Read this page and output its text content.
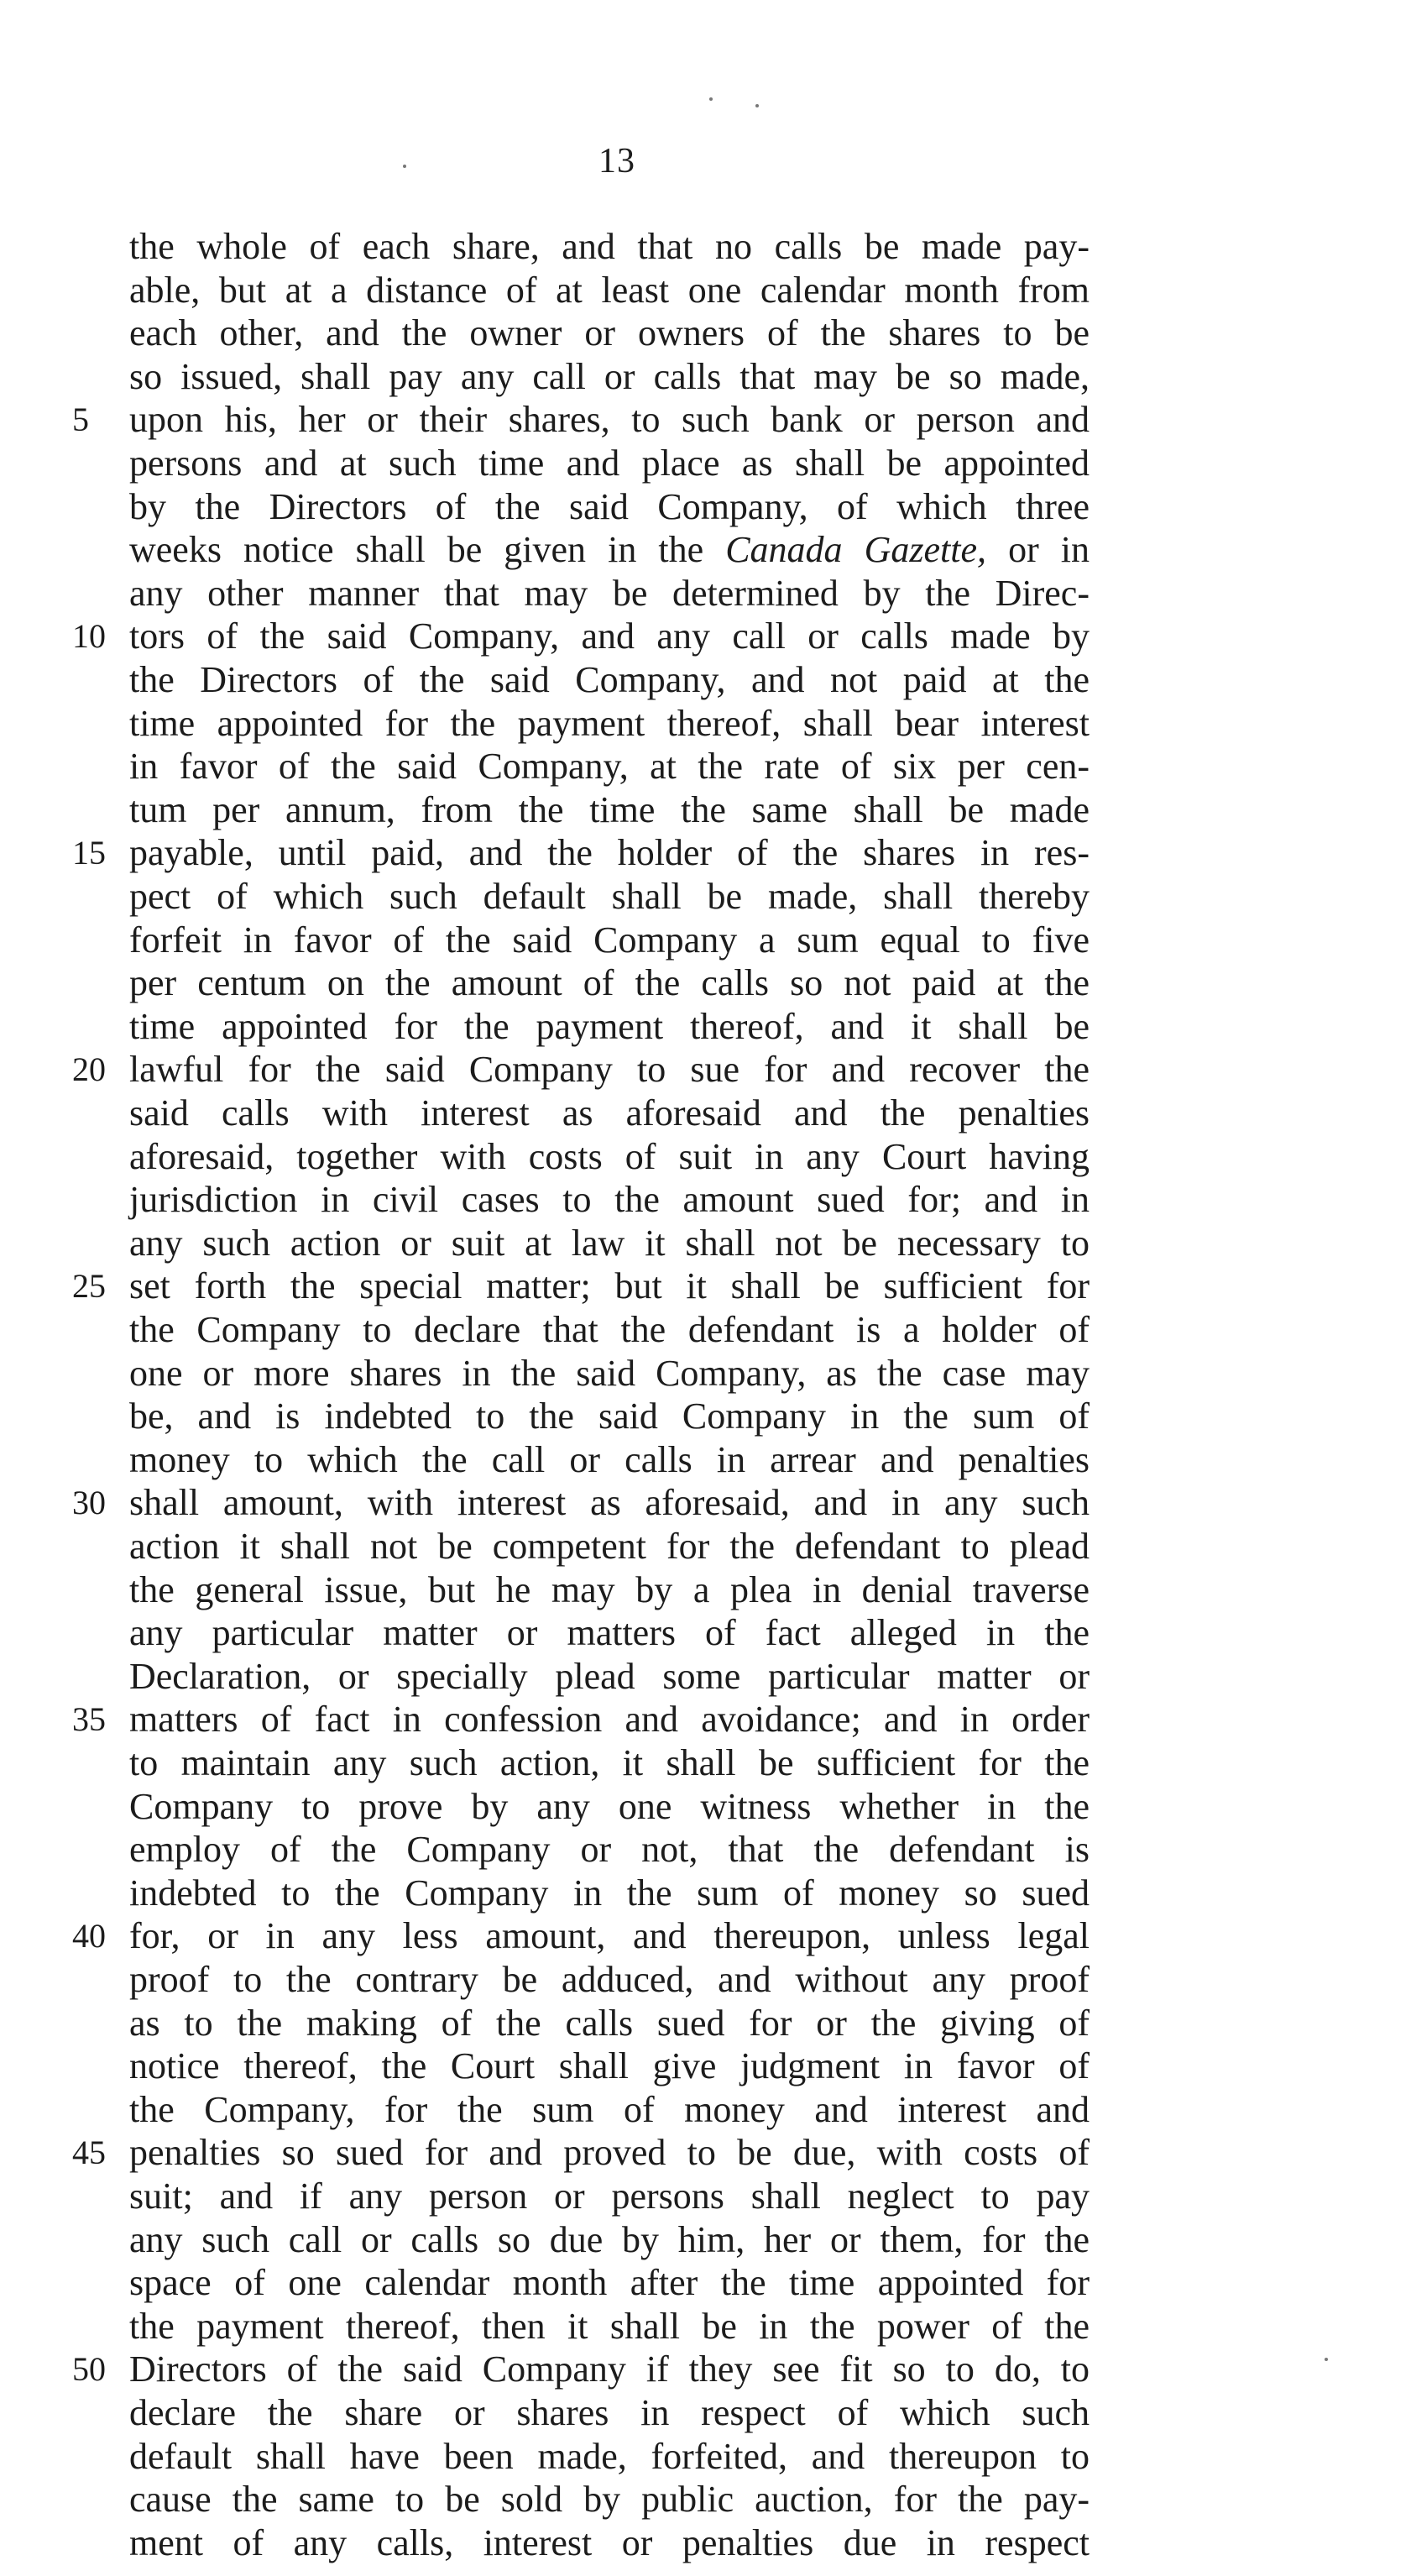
13
the whole of each share, and that no calls be made pay-
able, but at a distance of at least one calendar month from
each other, and the owner or owners of the shares to be
so issued, shall pay any call or calls that may be so made,
5	upon his, her or their shares, to such bank or person and
persons and at such time and place as shall be appointed
by the Directors of the said Company, of which three
weeks notice shall be given in the Canada Gazette, or in
any other manner that may be determined by the Direc-
10 tors of the said Company, and any call or calls made by
the Directors of the said Company, and not paid at the
time appointed for the payment thereof, shall bear interest
in favor of the said Company, at the rate of six per cen-
tum per annum, from the time the same shall be made
15 payable, until paid, and the holder of the shares in res-
pect of which such default shall be made, shall thereby
forfeit in favor of the said Company a sum equal to five
per centum on the amount of the calls so not paid at the
time appointed for the payment thereof, and it shall be
20 lawful for the said Company to sue for and recover the
said calls with interest as aforesaid and the penalties
aforesaid, together with costs of suit in any Court having
jurisdiction in civil cases to the amount sued for; and in
any such action or suit at law it shall not be necessary to
25 set forth the special matter; but it shall be sufficient for
the Company to declare that the defendant is a holder of
one or more shares in the said Company, as the case may
be, and is indebted to the said Company in the sum of
money to which the call or calls in arrear and penalties
30 shall amount, with interest as aforesaid, and in any such
action it shall not be competent for the defendant to plead
the general issue, but he may by a plea in denial traverse
any particular matter or matters of fact alleged in the
Declaration, or specially plead some particular matter or
35 matters of fact in confession and avoidance; and in order
to maintain any such action, it shall be sufficient for the
Company to prove by any one witness whether in the
employ of the Company or not, that the defendant is
indebted to the Company in the sum of money so sued
40 for, or in any less amount, and thereupon, unless legal
proof to the contrary be adduced, and without any proof
as to the making of the calls sued for or the giving of
notice thereof, the Court shall give judgment in favor of
the Company, for the sum of money and interest and
45 penalties so sued for and proved to be due, with costs of
suit; and if any person or persons shall neglect to pay
any such call or calls so due by him, her or them, for the
space of one calendar month after the time appointed for
the payment thereof, then it shall be in the power of the
50 Directors of the said Company if they see fit so to do, to
declare the share or shares in respect of which such
default shall have been made, forfeited, and thereupon to
cause the same to be sold by public auction, for the pay-
ment of any calls, interest or penalties due in respect
